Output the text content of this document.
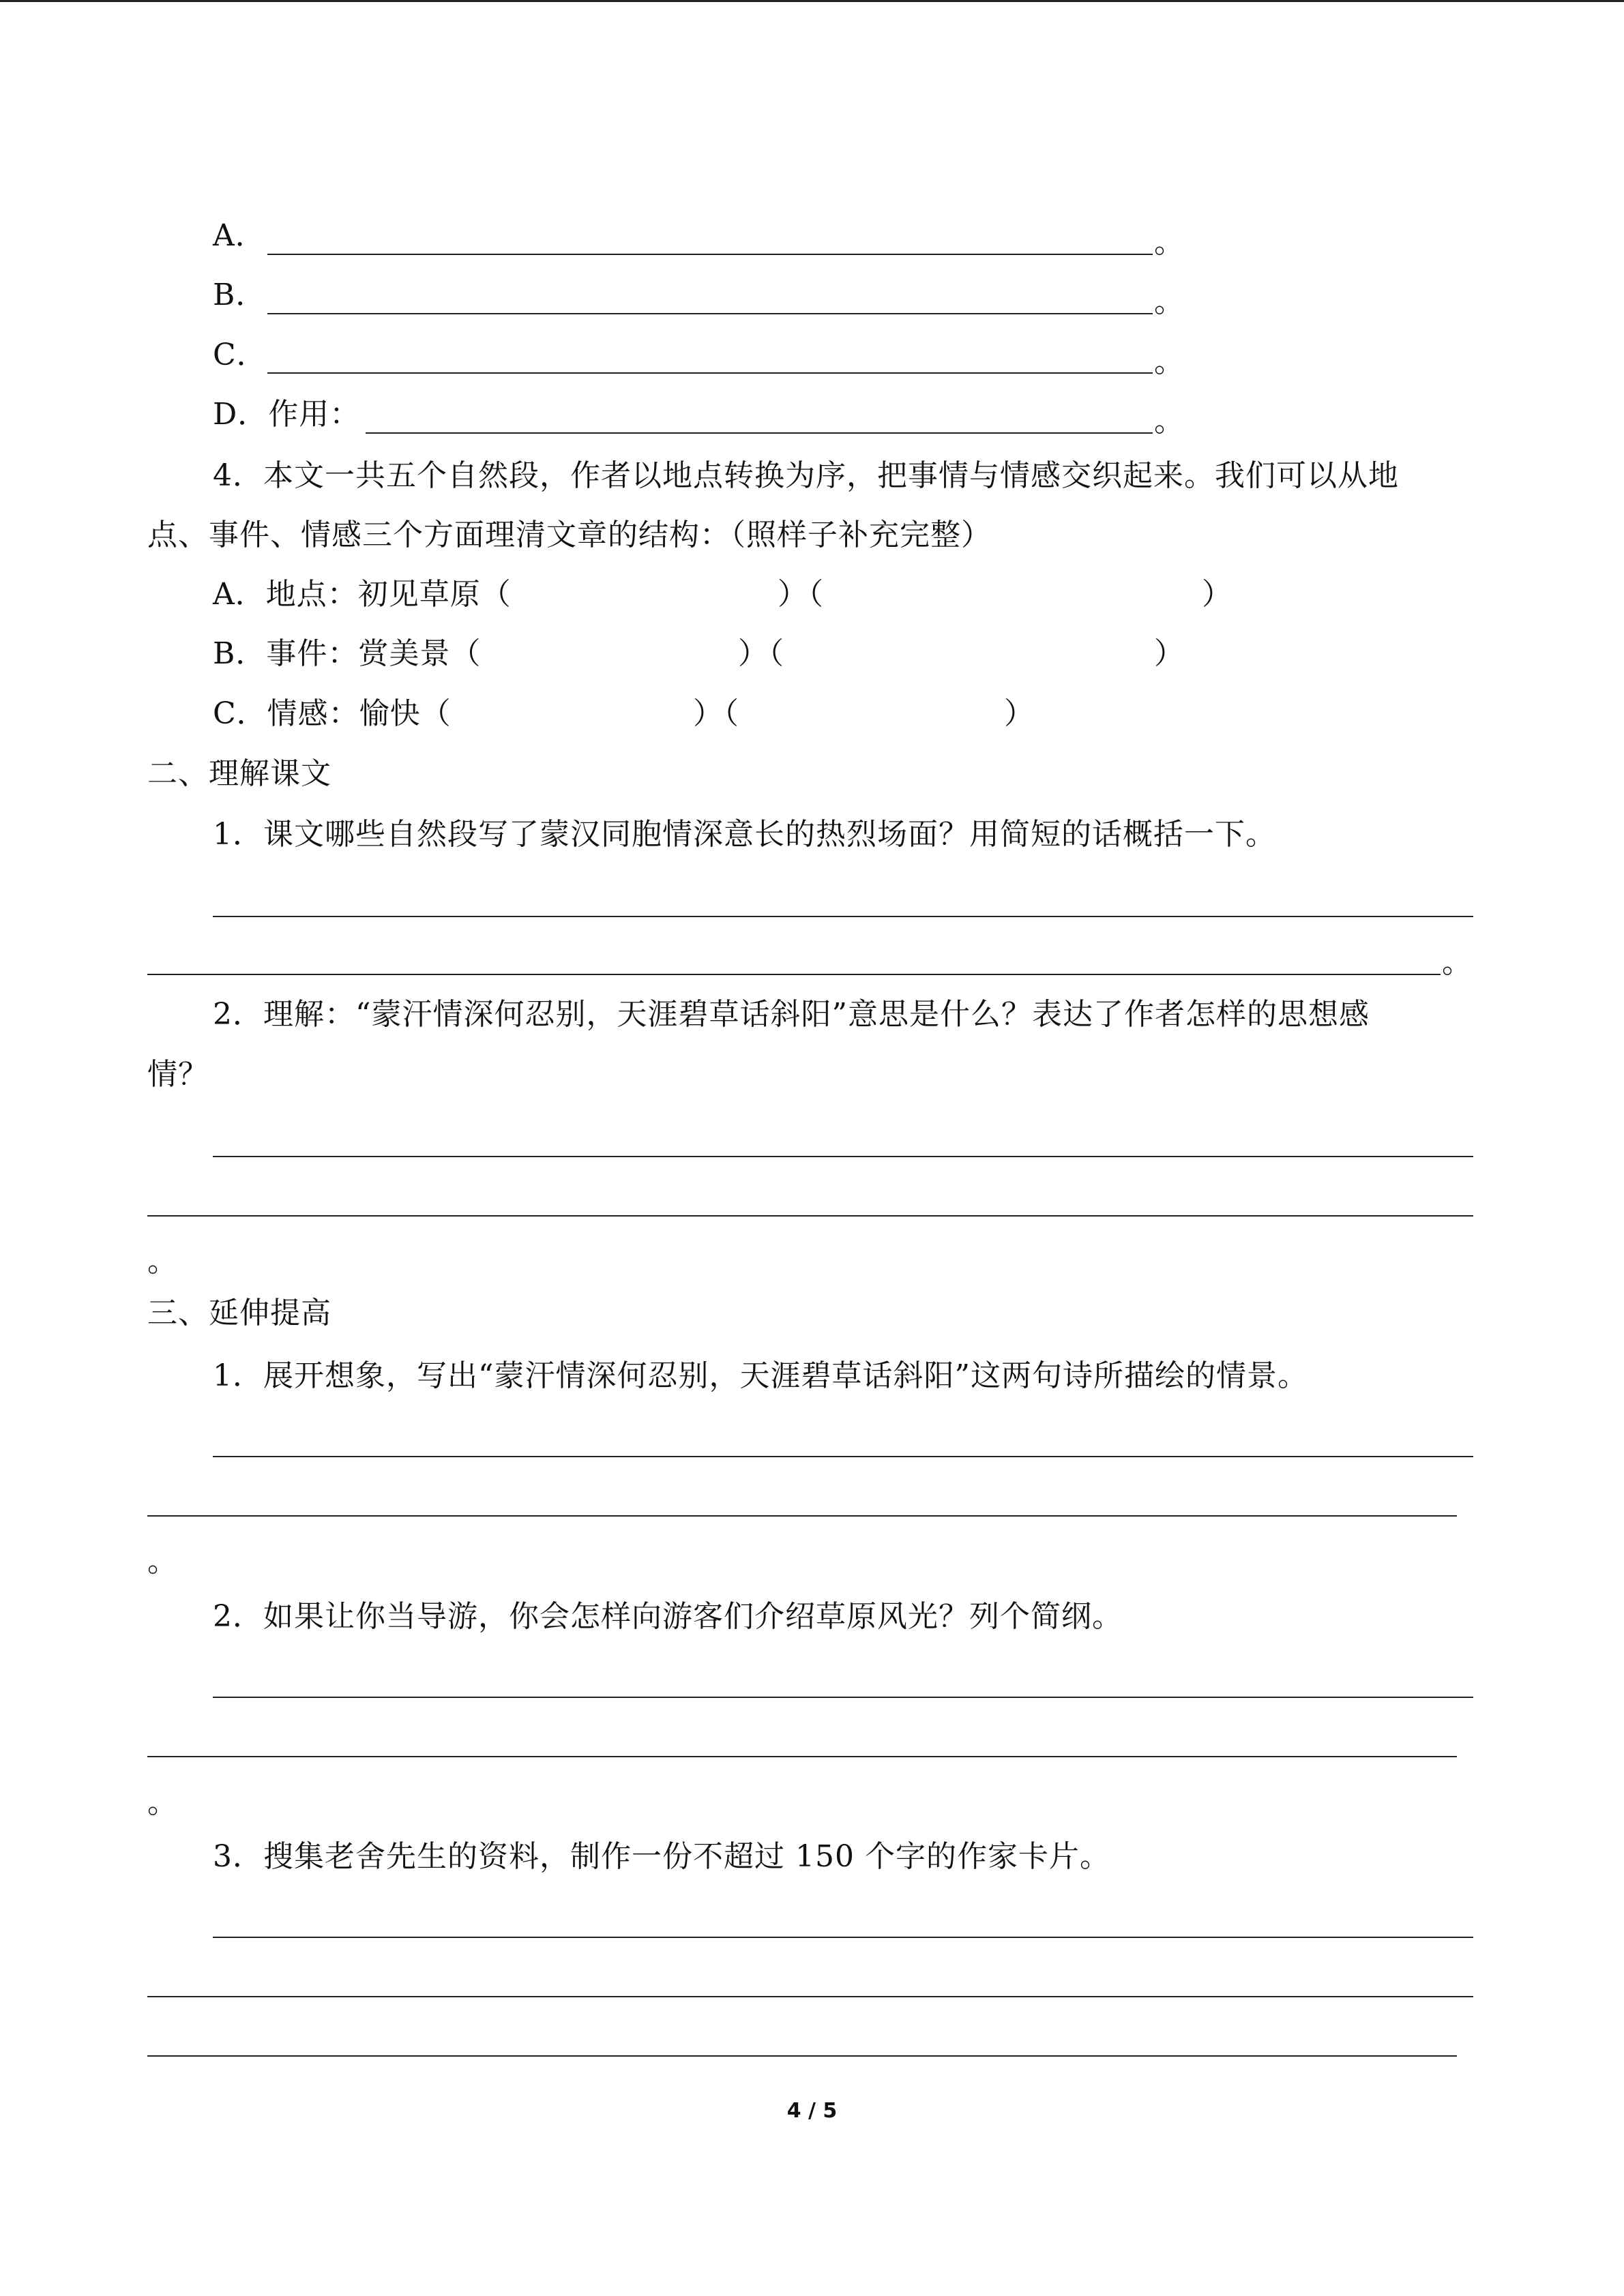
A．	。
B．	。
C．	。
D．作用：	。
4．本文一共五个自然段，作者以地点转换为序，把事情与情感交织起来。我们可以从地
点、事件、情感三个方面理清文章的结构：（照样子补充完整）
A．地点：初见草原（	）（	）
B．事件：赏美景（	）（	）
C．情感：愉快（	）（	）
二、理解课文
1．课文哪些自然段写了蒙汉同胞情深意长的热烈场面？用简短的话概括一下。
。
2．理解：“蒙汗情深何忍别，天涯碧草话斜阳”意思是什么？表达了作者怎样的思想感
情？
。
三、延伸提高
1．展开想象，写出“蒙汗情深何忍别，天涯碧草话斜阳”这两句诗所描绘的情景。
。
2．如果让你当导游，你会怎样向游客们介绍草原风光？列个简纲。
。
3．搜集老舍先生的资料，制作一份不超过 150 个字的作家卡片。
4 / 5
